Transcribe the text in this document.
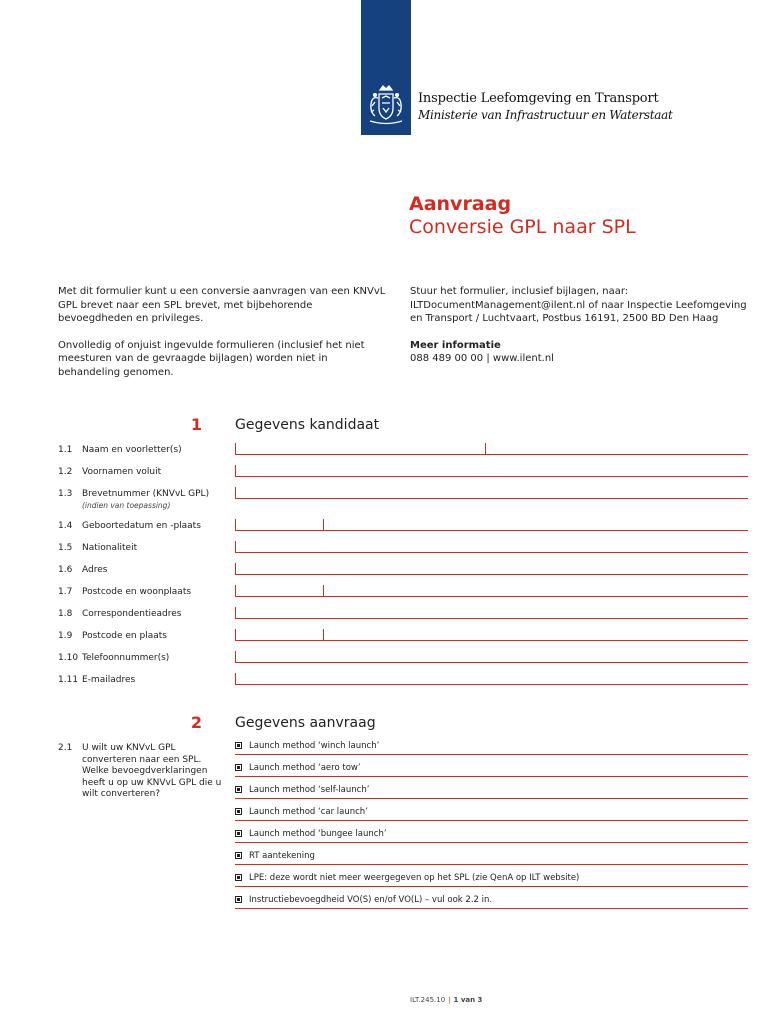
Inspectie Leefomgeving en Transport
Ministerie van Infrastructuur en Waterstaat
Aanvraag
Conversie GPL naar SPL

Met dit formulier kunt u een conversie aanvragen van een KNVvL GPL brevet naar een SPL brevet, met bijbehorende bevoegdheden en privileges.

Onvolledig of onjuist ingevulde formulieren (inclusief het niet meesturen van de gevraagde bijlagen) worden niet in behandeling genomen.

Stuur het formulier, inclusief bijlagen, naar: ILTDocumentManagement@ilent.nl of naar Inspectie Leefomgeving en Transport / Luchtvaart, Postbus 16191, 2500 BD Den Haag

Meer informatie
088 489 00 00 | www.ilent.nl
1 Gegevens kandidaat
1.1 Naam en voorletter(s)
1.2 Voornamen voluit
1.3 Brevetnummer (KNVvL GPL)
(indien van toepassing)
1.4 Geboortedatum en -plaats
1.5 Nationaliteit
1.6 Adres
1.7 Postcode en woonplaats
1.8 Correspondentieadres
1.9 Postcode en plaats
1.10 Telefoonnummer(s)
1.11 E-mailadres
2 Gegevens aanvraag
2.1 U wilt uw KNVvL GPL converteren naar een SPL. Welke bevoegdverklaringen heeft u op uw KNVvL GPL die u wilt converteren?
Launch method ‘winch launch’
Launch method ‘aero tow’
Launch method ‘self-launch’
Launch method ‘car launch’
Launch method ‘bungee launch’
RT aantekening
LPE: deze wordt niet meer weergegeven op het SPL (zie QenA op ILT website)
Instructiebevoegdheid VO(S) en/of VO(L) – vul ook 2.2 in.
ILT.245.10 | 1 van 3
